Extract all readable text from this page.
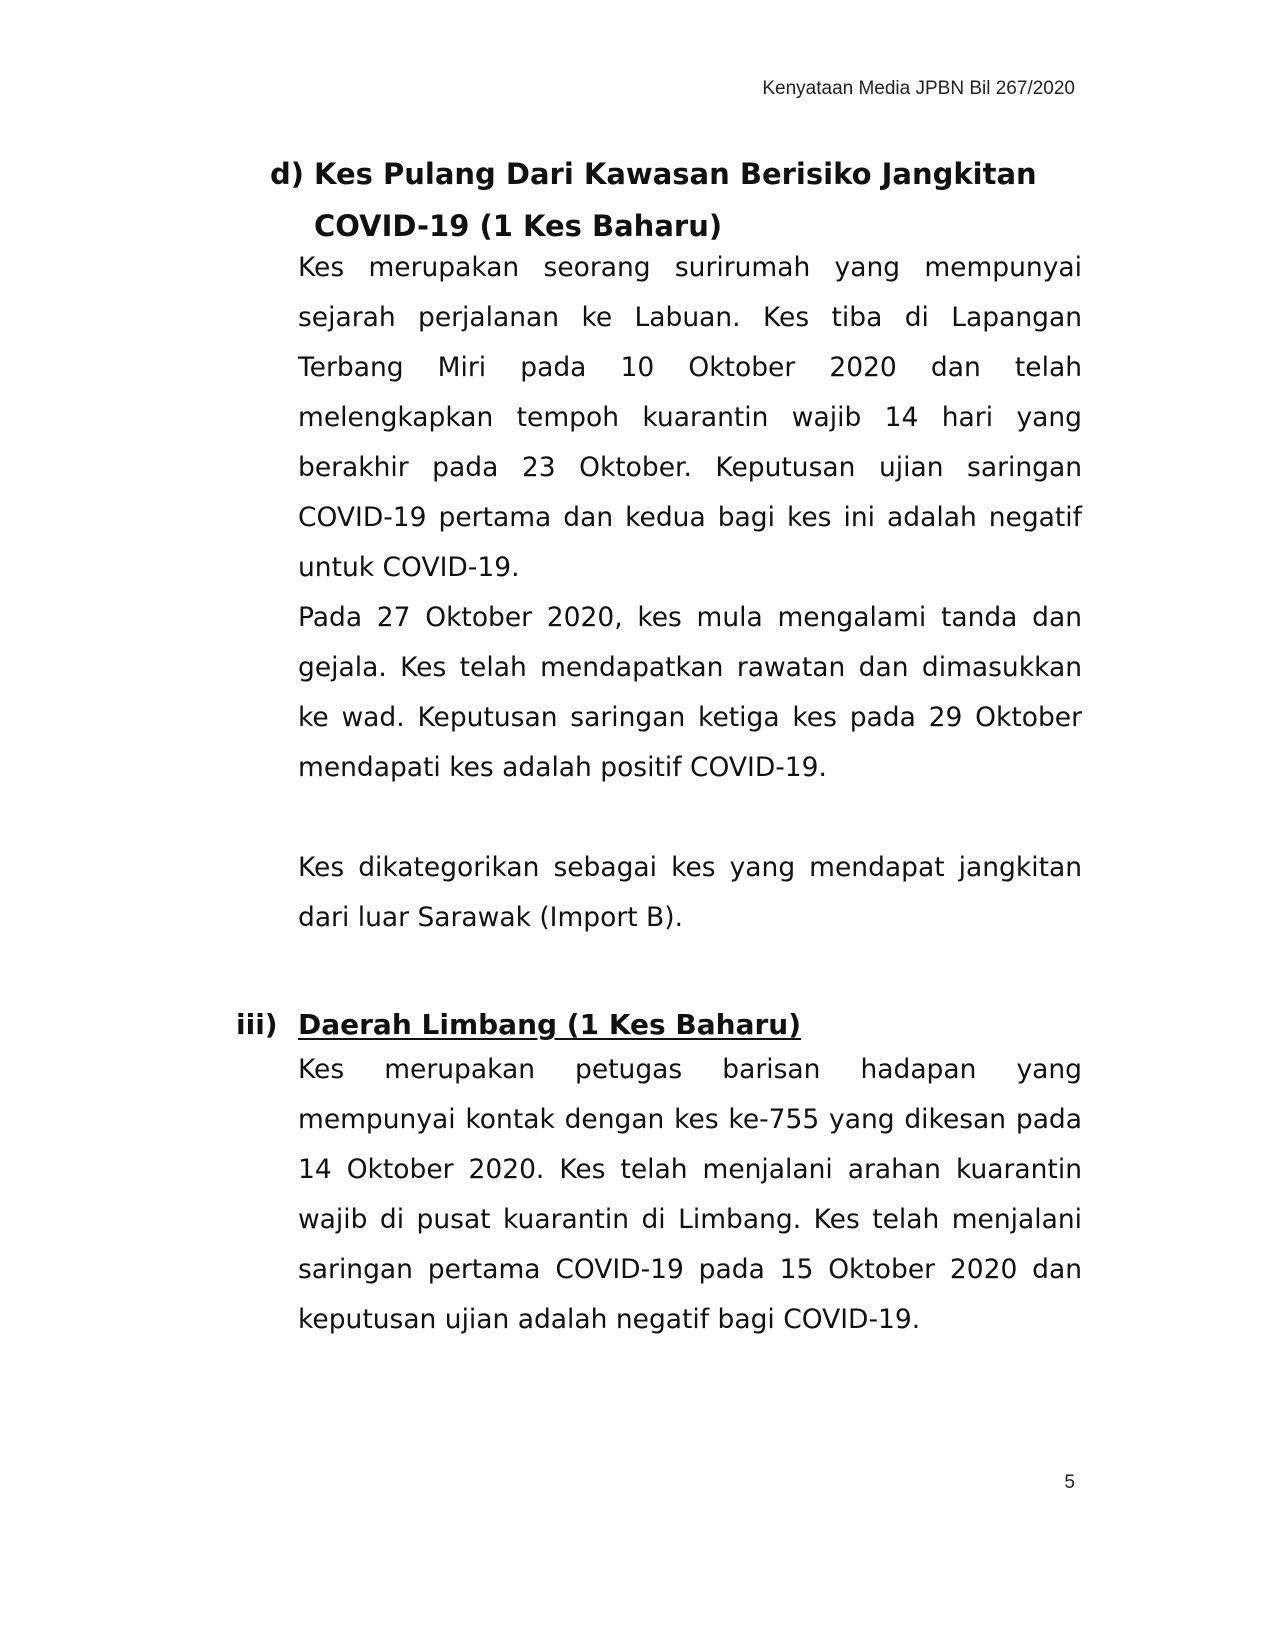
Kenyataan Media JPBN Bil 267/2020
d) Kes Pulang Dari Kawasan Berisiko Jangkitan COVID-19 (1 Kes Baharu)

Kes merupakan seorang surirumah yang mempunyai sejarah perjalanan ke Labuan. Kes tiba di Lapangan Terbang Miri pada 10 Oktober 2020 dan telah melengkapkan tempoh kuarantin wajib 14 hari yang berakhir pada 23 Oktober. Keputusan ujian saringan COVID-19 pertama dan kedua bagi kes ini adalah negatif untuk COVID-19.

Pada 27 Oktober 2020, kes mula mengalami tanda dan gejala. Kes telah mendapatkan rawatan dan dimasukkan ke wad. Keputusan saringan ketiga kes pada 29 Oktober mendapati kes adalah positif COVID-19.

Kes dikategorikan sebagai kes yang mendapat jangkitan dari luar Sarawak (Import B).

iii) Daerah Limbang (1 Kes Baharu)

Kes merupakan petugas barisan hadapan yang mempunyai kontak dengan kes ke-755 yang dikesan pada 14 Oktober 2020. Kes telah menjalani arahan kuarantin wajib di pusat kuarantin di Limbang. Kes telah menjalani saringan pertama COVID-19 pada 15 Oktober 2020 dan keputusan ujian adalah negatif bagi COVID-19.

5
